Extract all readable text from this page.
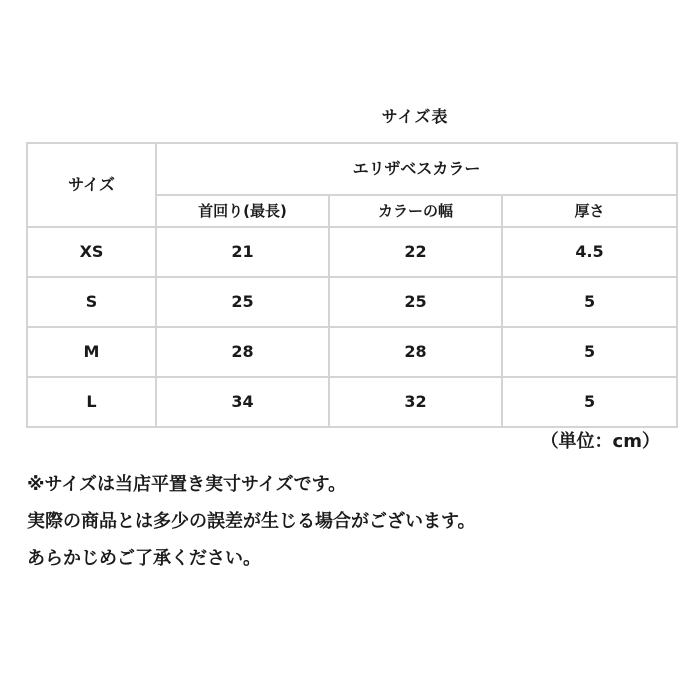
サイズ表
サイズ	エリザベスカラー		
	首回り(最長)	カラーの幅	厚さ
XS	21	22	4.5
S	25	25	5
M	28	28	5
L	34	32	5
（単位：cm）
※サイズは当店平置き実寸サイズです。
実際の商品とは多少の誤差が生じる場合がございます。
あらかじめご了承ください。
